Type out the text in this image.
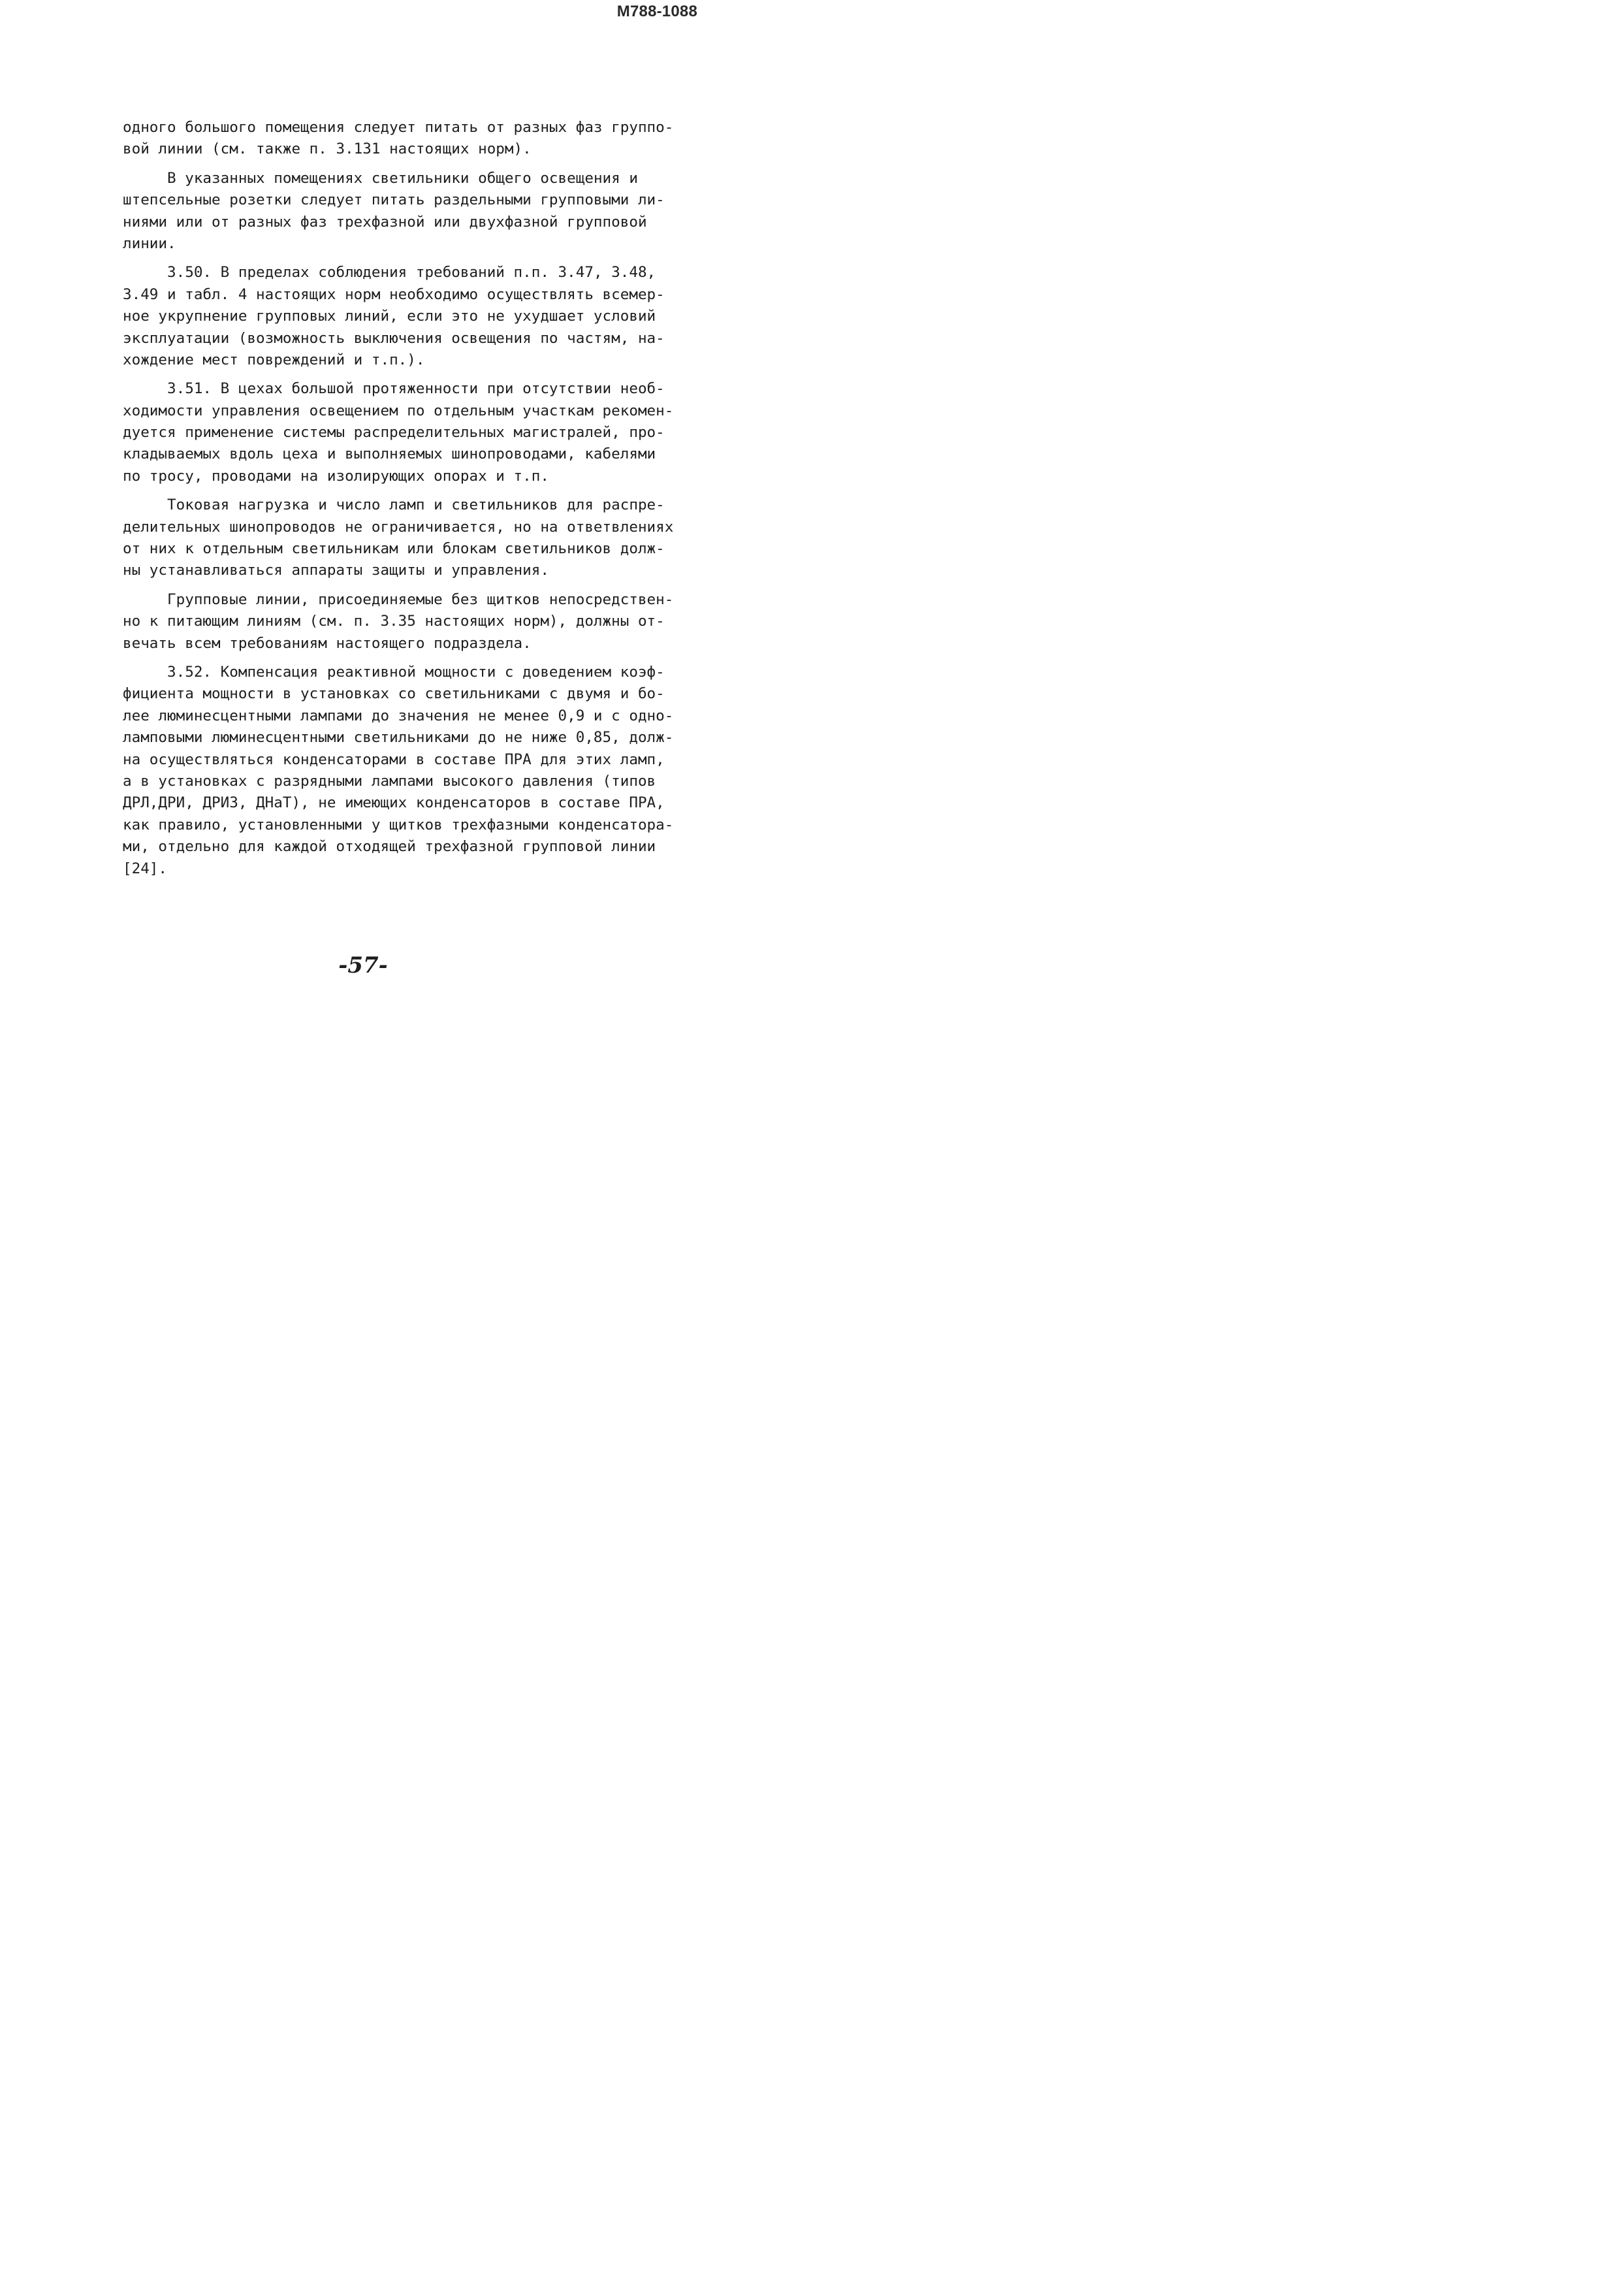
М788-1088
одного большого помещения следует питать от разных фаз группо-
вой линии (см. также п. 3.131 настоящих норм).
В указанных помещениях светильники общего освещения и
штепсельные розетки следует питать раздельными групповыми ли-
ниями или от разных фаз трехфазной или двухфазной групповой
линии.
3.50. В пределах соблюдения требований п.п. 3.47, 3.48,
3.49 и табл. 4 настоящих норм необходимо осуществлять всемер-
ное укрупнение групповых линий, если это не ухудшает условий
эксплуатации (возможность выключения освещения по частям, на-
хождение мест повреждений и т.п.).
3.51. В цехах большой протяженности при отсутствии необ-
ходимости управления освещением по отдельным участкам рекомен-
дуется применение системы распределительных магистралей, про-
кладываемых вдоль цеха и выполняемых шинопроводами, кабелями
по тросу, проводами на изолирующих опорах и т.п.
Токовая нагрузка и число ламп и светильников для распре-
делительных шинопроводов не ограничивается, но на ответвлениях
от них к отдельным светильникам или блокам светильников долж-
ны устанавливаться аппараты защиты и управления.
Групповые линии, присоединяемые без щитков непосредствен-
но к питающим линиям (см. п. 3.35 настоящих норм), должны от-
вечать всем требованиям настоящего подраздела.
3.52. Компенсация реактивной мощности с доведением коэф-
фициента мощности в установках со светильниками с двумя и бо-
лее люминесцентными лампами до значения не менее 0,9 и с одно-
ламповыми люминесцентными светильниками до не ниже 0,85, долж-
на осуществляться конденсаторами в составе ПРА для этих ламп,
а в установках с разрядными лампами высокого давления (типов
ДРЛ,ДРИ, ДРИЗ, ДНаТ), не имеющих конденсаторов в составе ПРА,
как правило, установленными у щитков трехфазными конденсатора-
ми, отдельно для каждой отходящей трехфазной групповой линии
[24].
-57-
